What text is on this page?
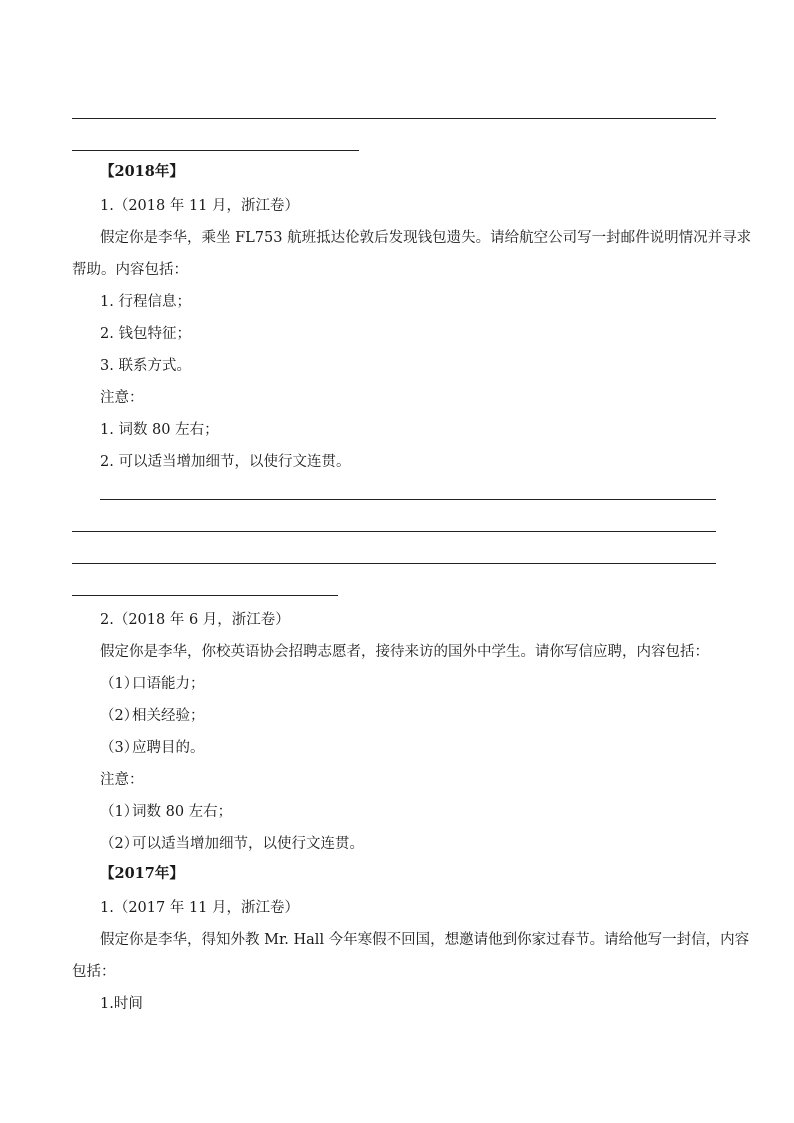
【2018年】
1.（2018 年 11 月，浙江卷）
假定你是李华，乘坐 FL753 航班抵达伦敦后发现钱包遗失。请给航空公司写一封邮件说明情况并寻求
帮助。内容包括：
1. 行程信息；
2. 钱包特征；
3. 联系方式。
注意：
1. 词数 80 左右；
2. 可以适当增加细节，以使行文连贯。
2.（2018 年 6 月，浙江卷）
假定你是李华，你校英语协会招聘志愿者，接待来访的国外中学生。请你写信应聘，内容包括：
（1）口语能力；
（2）相关经验；
（3）应聘目的。
注意：
（1）词数 80 左右；
（2）可以适当增加细节，以使行文连贯。
【2017年】
1.（2017 年 11 月，浙江卷）
假定你是李华，得知外教 Mr. Hall 今年寒假不回国，想邀请他到你家过春节。请给他写一封信，内容
包括：
1.时间
